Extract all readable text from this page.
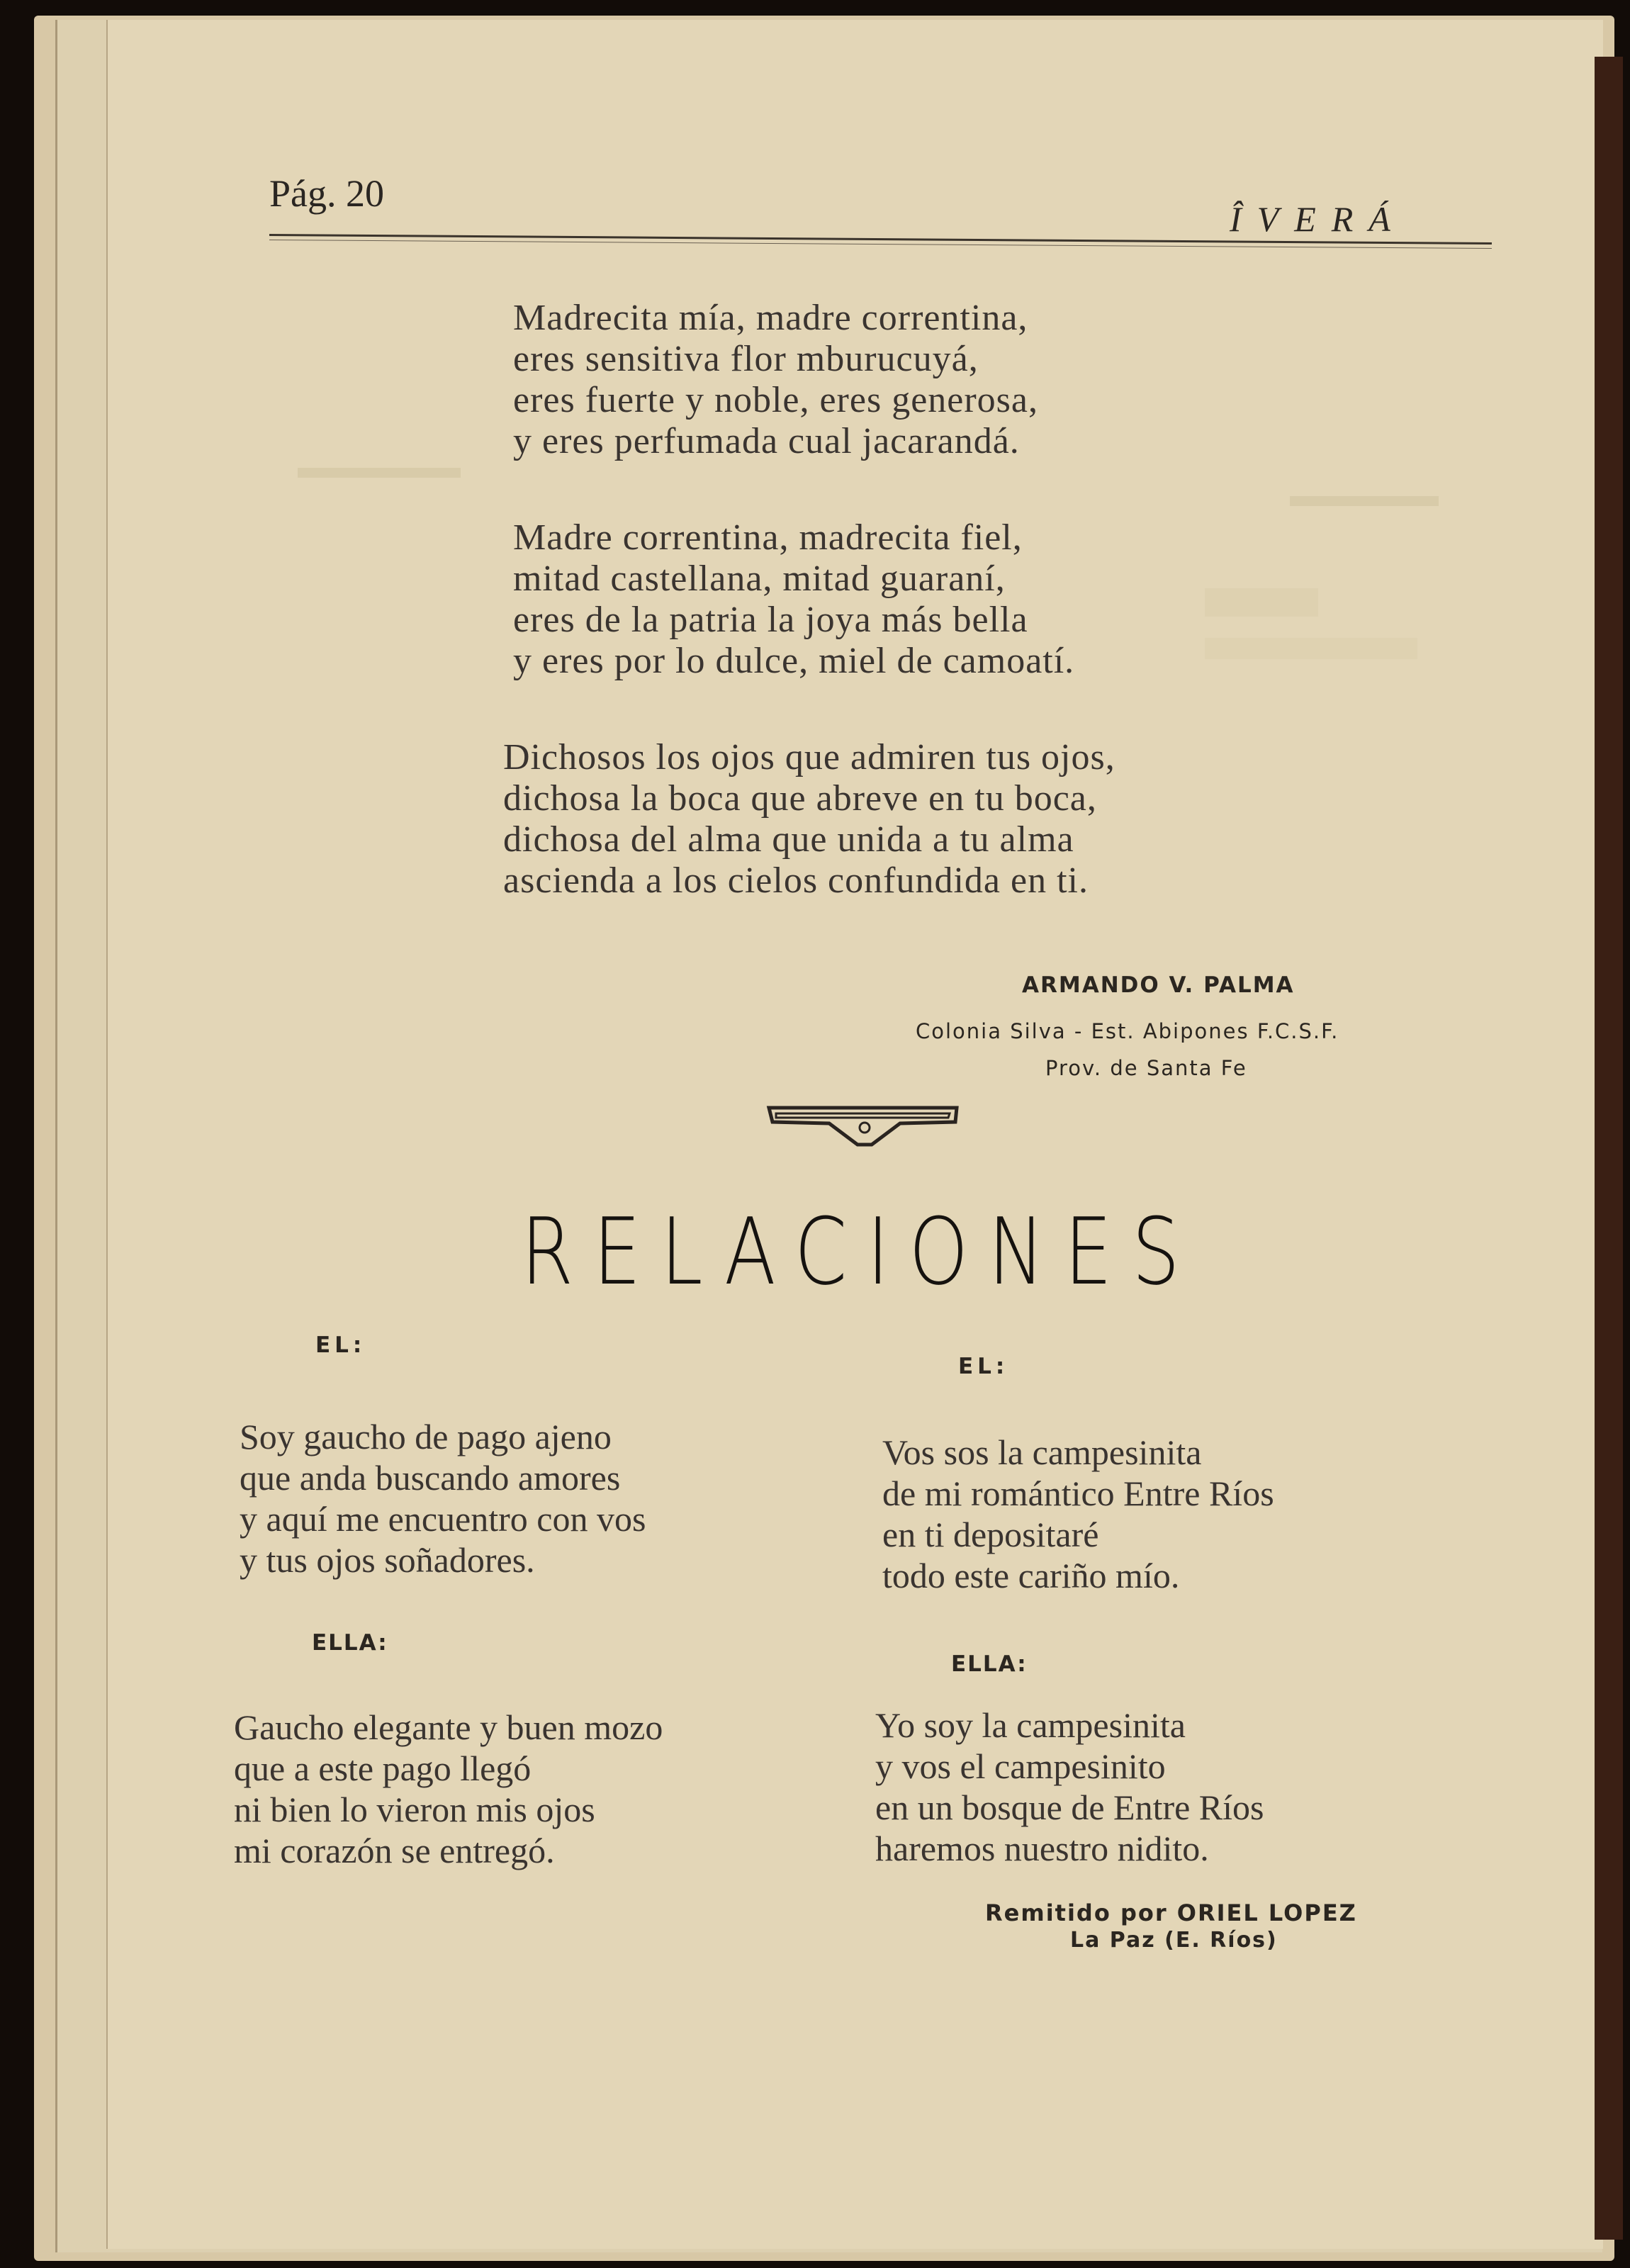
Pág. 20
ÎVERÁ
Madrecita mía, madre correntina,
eres sensitiva flor mburucuyá,
eres fuerte y noble, eres generosa,
y eres perfumada cual jacarandá.
Madre correntina, madrecita fiel,
mitad castellana, mitad guaraní,
eres de la patria la joya más bella
y eres por lo dulce, miel de camoatí.
Dichosos los ojos que admiren tus ojos,
dichosa la boca que abreve en tu boca,
dichosa del alma que unida a tu alma
ascienda a los cielos confundida en ti.
ARMANDO V. PALMA
Colonia Silva - Est. Abipones F.C.S.F.
Prov. de Santa Fe
RELACIONES
EL:
Soy gaucho de pago ajeno
que anda buscando amores
y aquí me encuentro con vos
y tus ojos soñadores.
ELLA:
Gaucho elegante y buen mozo
que a este pago llegó
ni bien lo vieron mis ojos
mi corazón se entregó.
EL:
Vos sos la campesinita
de mi romántico Entre Ríos
en ti depositaré
todo este cariño mío.
ELLA:
Yo soy la campesinita
y vos el campesinito
en un bosque de Entre Ríos
haremos nuestro nidito.
Remitido por ORIEL LOPEZ
La Paz (E. Ríos)
